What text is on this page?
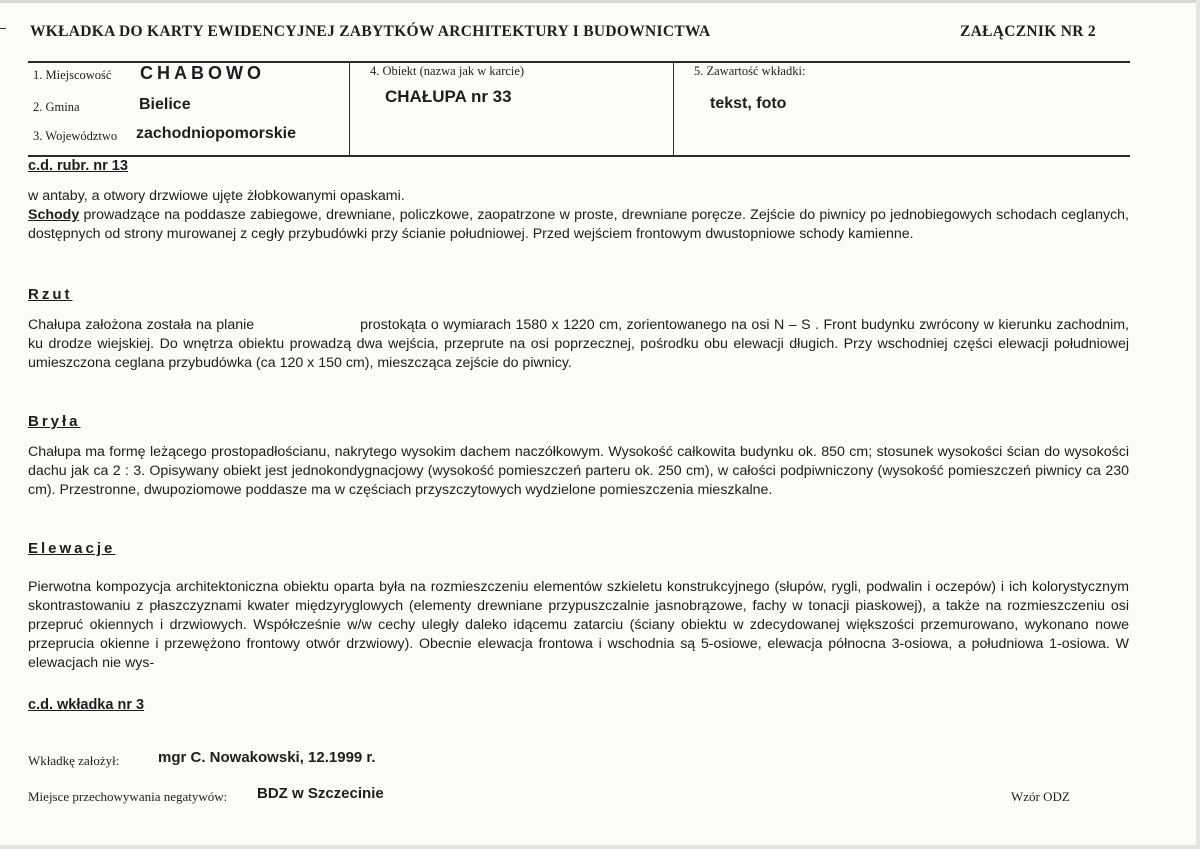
WKŁADKA DO KARTY EWIDENCYJNEJ ZABYTKÓW ARCHITEKTURY I BUDOWNICTWA	ZAŁĄCZNIK NR 2
1. Miejscowość CHABOWO
2. Gmina	Bielice
3. Województwo zachodniopomorskie
4. Obiekt (nazwa jak w karcie)
CHAŁUPA nr 33
5. Zawartość wkładki:
tekst, foto
c.d. rubr. nr 13
w antaby, a otwory drzwiowe ujęte żłobkowanymi opaskami.

Schody prowadzące na poddasze zabiegowe, drewniane, policzkowe, zaopatrzone w proste, drewniane poręcze. Zejście do piwnicy po jednobiegowych schodach ceglanych, dostępnych od strony murowanej z cegły przybudówki przy ścianie południowej. Przed wejściem frontowym dwustopniowe schody kamienne.

Rzut

Chałupa założona została na planie	prostokąta o wymiarach 1580 x 1220 cm, zorientowanego na osi N – S . Front budynku zwrócony w kierunku zachodnim, ku drodze wiejskiej. Do wnętrza obiektu prowadzą dwa wejścia, przeprute na osi poprzecznej, pośrodku obu elewacji długich. Przy wschodniej części elewacji południowej umieszczona ceglana przybudówka (ca 120 x 150 cm), mieszcząca zejście do piwnicy.

Bryła

Chałupa ma formę leżącego prostopadłościanu, nakrytego wysokim dachem naczółkowym. Wysokość całkowita budynku ok. 850 cm; stosunek wysokości ścian do wysokości dachu jak ca 2 : 3. Opisywany obiekt jest jednokondygnacjowy (wysokość pomieszczeń parteru ok. 250 cm), w całości podpiwniczony (wysokość pomieszczeń piwnicy ca 230 cm). Przestronne, dwupoziomowe poddasze ma w częściach przyszczytowych wydzielone pomieszczenia mieszkalne.

Elewacje

Pierwotna kompozycja architektoniczna obiektu oparta była na rozmieszczeniu elementów szkieletu konstrukcyjnego (słupów, rygli, podwalin i oczepów) i ich kolorystycznym skontrastowaniu z płaszczyznami kwater międzyryglowych (elementy drewniane przypuszczalnie jasnobrązowe, fachy w tonacji piaskowej), a także na rozmieszczeniu osi przepruć okiennych i drzwiowych. Współcześnie w/w cechy uległy daleko idącemu zatarciu (ściany obiektu w zdecydowanej większości przemurowano, wykonano nowe przeprucia okienne i przewężono frontowy otwór drzwiowy). Obecnie elewacja frontowa i wschodnia są 5-osiowe, elewacja północna 3-osiowa, a południowa 1-osiowa. W elewacjach nie wys-

c.d. wkładka nr 3
Wkładkę założył:	mgr C. Nowakowski, 12.1999 r.
Miejsce przechowywania negatywów: BDZ w Szczecinie	Wzór ODZ
